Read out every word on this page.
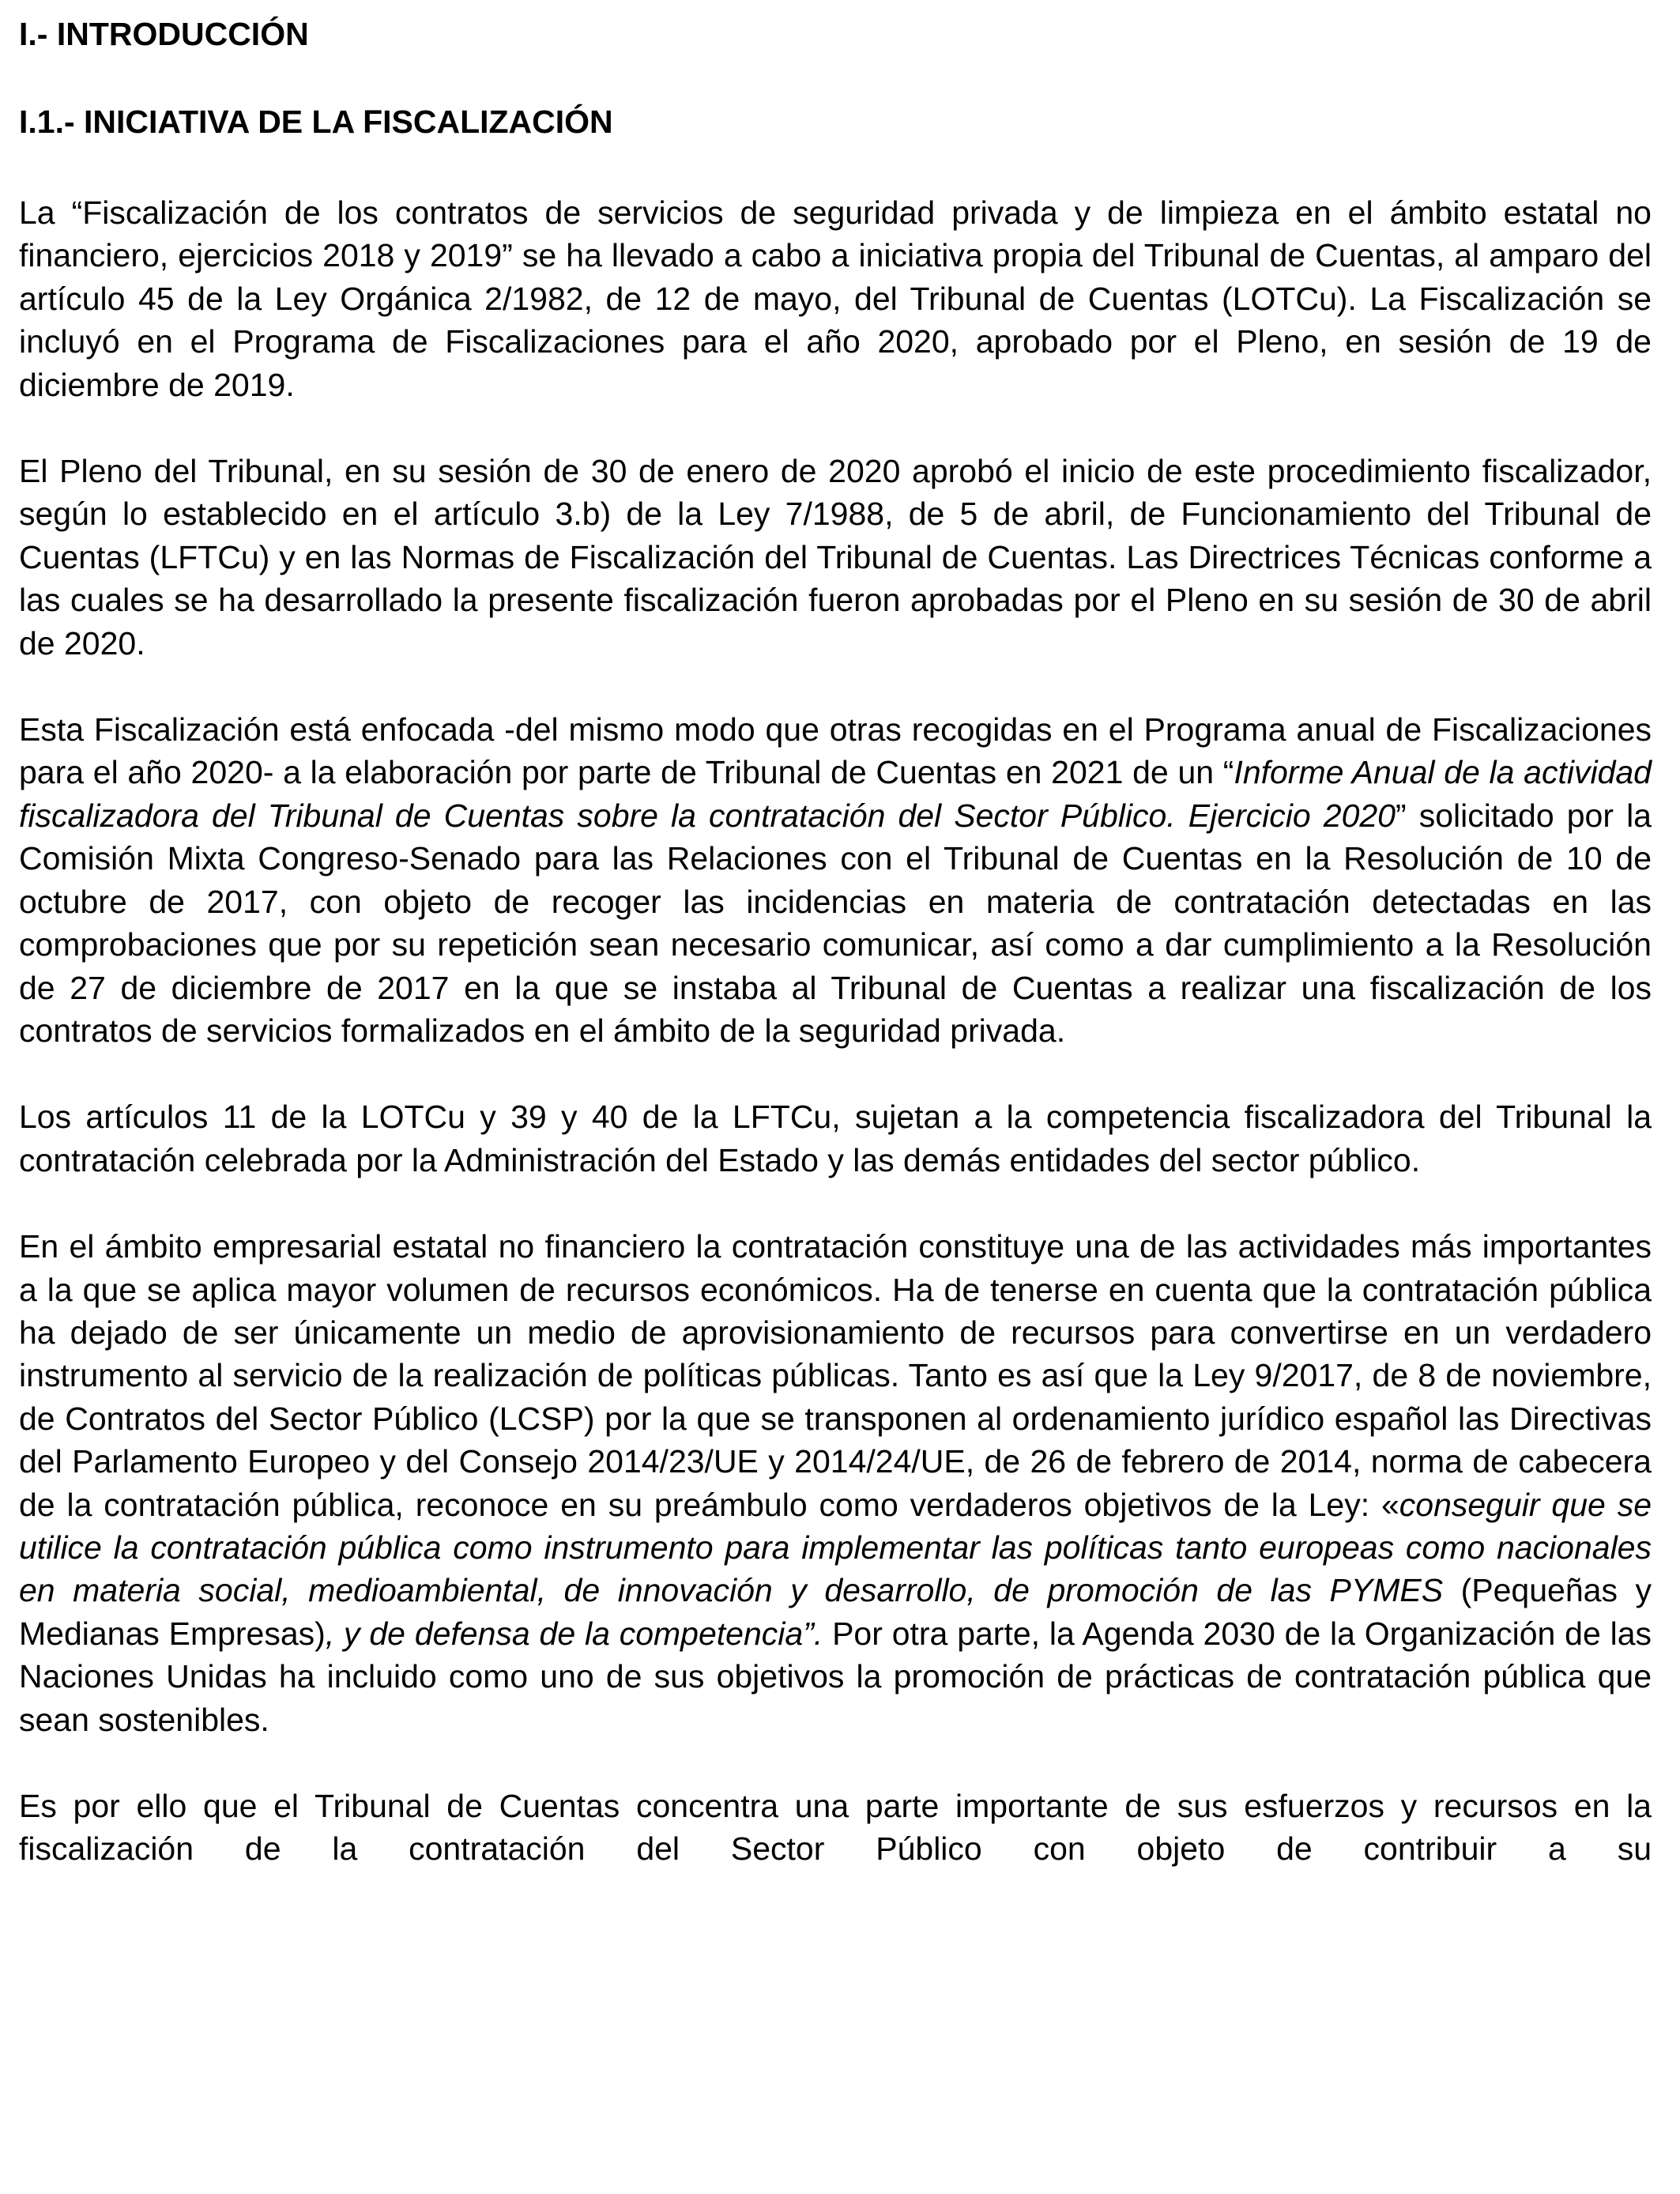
I.- INTRODUCCIÓN
I.1.- INICIATIVA DE LA FISCALIZACIÓN

La “Fiscalización de los contratos de servicios de seguridad privada y de limpieza en el ámbito estatal no financiero, ejercicios 2018 y 2019” se ha llevado a cabo a iniciativa propia del Tribunal de Cuentas, al amparo del artículo 45 de la Ley Orgánica 2/1982, de 12 de mayo, del Tribunal de Cuentas (LOTCu). La Fiscalización se incluyó en el Programa de Fiscalizaciones para el año 2020, aprobado por el Pleno, en sesión de 19 de diciembre de 2019.

El Pleno del Tribunal, en su sesión de 30 de enero de 2020 aprobó el inicio de este procedimiento fiscalizador, según lo establecido en el artículo 3.b) de la Ley 7/1988, de 5 de abril, de Funcionamiento del Tribunal de Cuentas (LFTCu) y en las Normas de Fiscalización del Tribunal de Cuentas. Las Directrices Técnicas conforme a las cuales se ha desarrollado la presente fiscalización fueron aprobadas por el Pleno en su sesión de 30 de abril de 2020.

Esta Fiscalización está enfocada -del mismo modo que otras recogidas en el Programa anual de Fiscalizaciones para el año 2020- a la elaboración por parte de Tribunal de Cuentas en 2021 de un “Informe Anual de la actividad fiscalizadora del Tribunal de Cuentas sobre la contratación del Sector Público. Ejercicio 2020” solicitado por la Comisión Mixta Congreso-Senado para las Relaciones con el Tribunal de Cuentas en la Resolución de 10 de octubre de 2017, con objeto de recoger las incidencias en materia de contratación detectadas en las comprobaciones que por su repetición sean necesario comunicar, así como a dar cumplimiento a la Resolución de 27 de diciembre de 2017 en la que se instaba al Tribunal de Cuentas a realizar una fiscalización de los contratos de servicios formalizados en el ámbito de la seguridad privada.

Los artículos 11 de la LOTCu y 39 y 40 de la LFTCu, sujetan a la competencia fiscalizadora del Tribunal la contratación celebrada por la Administración del Estado y las demás entidades del sector público.

En el ámbito empresarial estatal no financiero la contratación constituye una de las actividades más importantes a la que se aplica mayor volumen de recursos económicos. Ha de tenerse en cuenta que la contratación pública ha dejado de ser únicamente un medio de aprovisionamiento de recursos para convertirse en un verdadero instrumento al servicio de la realización de políticas públicas. Tanto es así que la Ley 9/2017, de 8 de noviembre, de Contratos del Sector Público (LCSP) por la que se transponen al ordenamiento jurídico español las Directivas del Parlamento Europeo y del Consejo 2014/23/UE y 2014/24/UE, de 26 de febrero de 2014, norma de cabecera de la contratación pública, reconoce en su preámbulo como verdaderos objetivos de la Ley: «conseguir que se utilice la contratación pública como instrumento para implementar las políticas tanto europeas como nacionales en materia social, medioambiental, de innovación y desarrollo, de promoción de las PYMES (Pequeñas y Medianas Empresas), y de defensa de la competencia”. Por otra parte, la Agenda 2030 de la Organización de las Naciones Unidas ha incluido como uno de sus objetivos la promoción de prácticas de contratación pública que sean sostenibles.

Es por ello que el Tribunal de Cuentas concentra una parte importante de sus esfuerzos y recursos en la fiscalización de la contratación del Sector Público con objeto de contribuir a su
